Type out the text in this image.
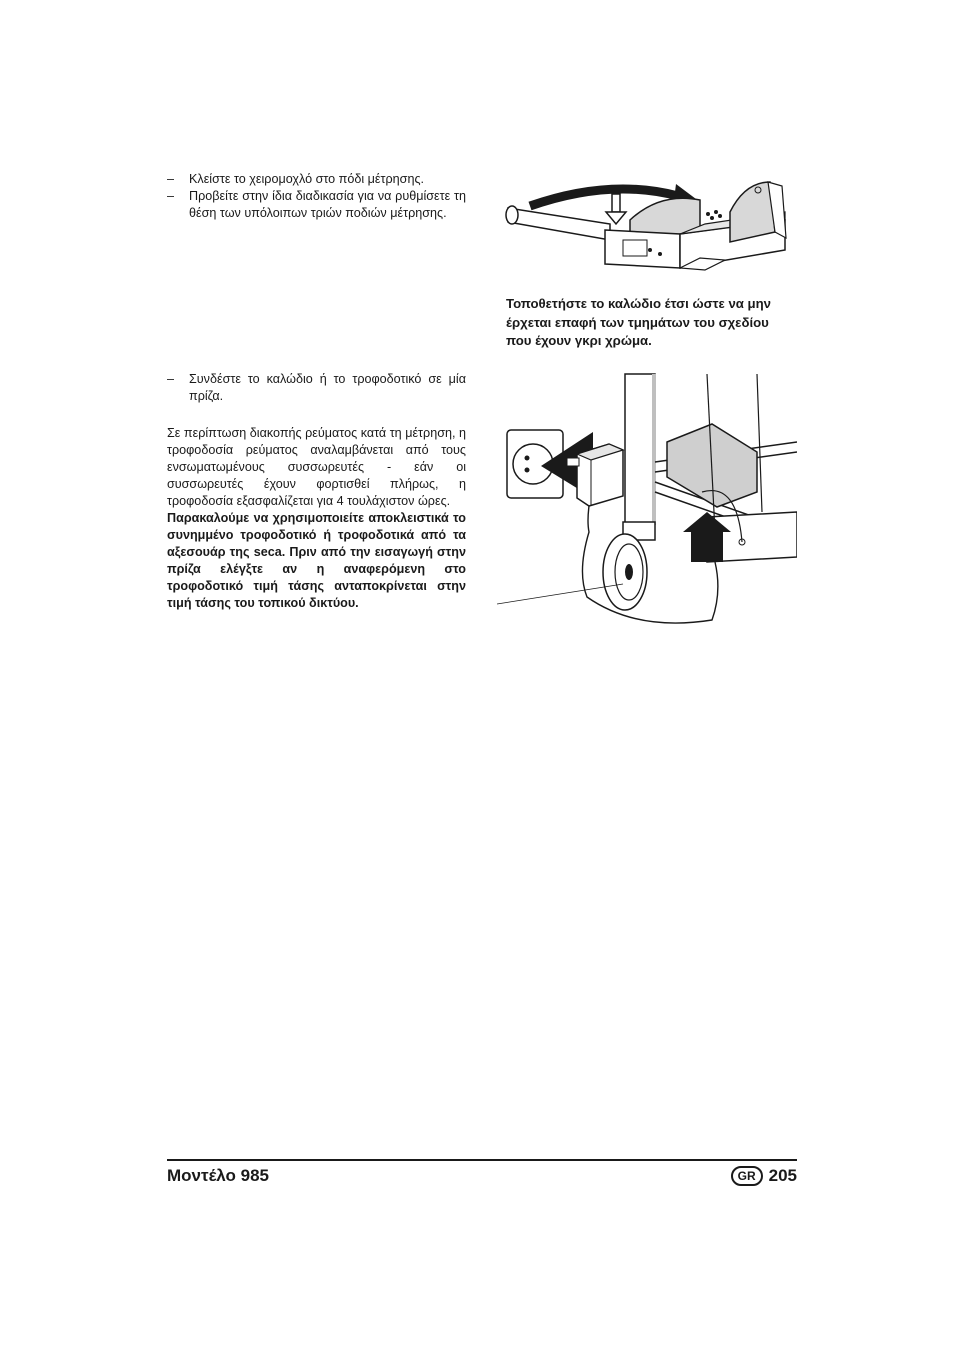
– Κλείστε το χειρομοχλό στο πόδι μέτρησης.
– Προβείτε στην ίδια διαδικασία για να ρυθμίσετε τη θέση των υπόλοιπων τριών ποδιών μέτρησης.
Τοποθετήστε το καλώδιο έτσι ώστε να μην έρχεται επαφή των τμημάτων του σχεδίου που έχουν γκρι χρώμα.
– Συνδέστε το καλώδιο ή το τροφοδοτικό σε μία πρίζα.
Σε περίπτωση διακοπής ρεύματος κατά τη μέτρηση, η τροφοδοσία ρεύματος αναλαμβάνεται από τους ενσωματωμένους συσσωρευτές - εάν οι συσσωρευτές έχουν φορτισθεί πλήρως, η τροφοδοσία εξασφαλίζεται για 4 τουλάχιστον ώρες.
Παρακαλούμε να χρησιμοποιείτε αποκλειστικά το συνημμένο τροφοδοτικό ή τροφοδοτικά από τα αξεσουάρ της seca. Πριν από την εισαγωγή στην πρίζα ελέγξτε αν η αναφερόμενη στο τροφοδοτικό τιμή τάσης ανταποκρίνεται στην τιμή τάσης του τοπικού δικτύου.
Μοντέλο 985	GR 205
